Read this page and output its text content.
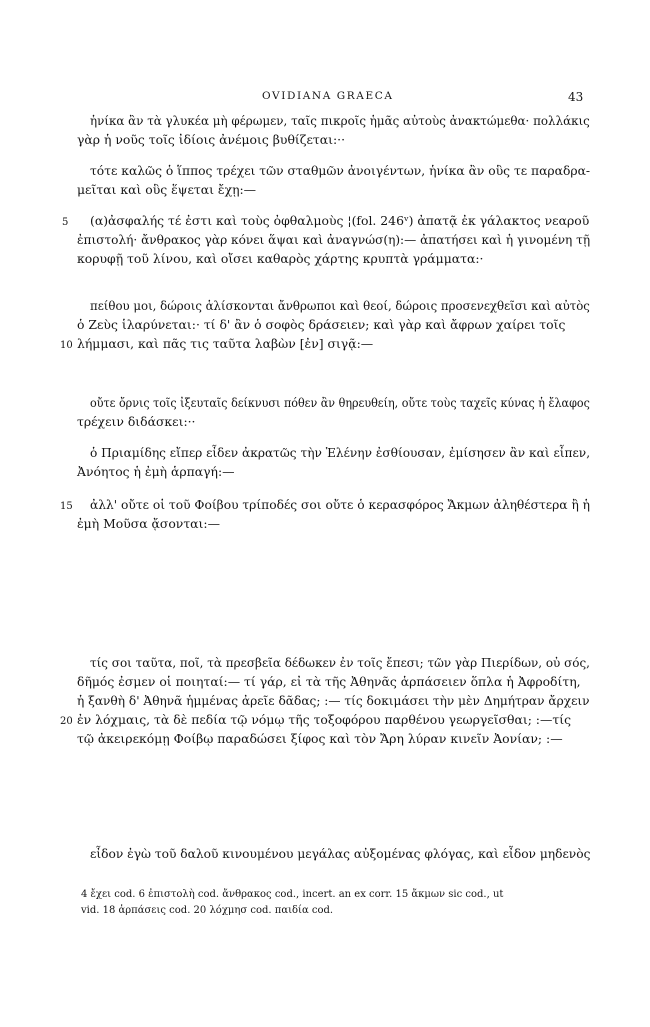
OVIDIANA GRAECA	43
ἡνίκα ἂν τὰ γλυκέα μὴ φέρωμεν, ταῖς πικροῖς ἡμᾶς αὐτοὺς ἀνακτώμεθα· πολλάκις
γὰρ ἡ νοῦς τοῖς ἰδίοις ἀνέμοις βυθίζεται:··
τότε καλῶς ὁ ἵππος τρέχει τῶν σταθμῶν ἀνοιγέντων, ἡνίκα ἂν οὓς τε παραδρα-
μεῖται καὶ οὓς ἕψεται ἔχῃ:—
5 (α)ἀσφαλής τέ ἐστι καὶ τοὺς ὀφθαλμοὺς ¦(fol. 246ᵛ) ἀπατᾷ ἐκ γάλακτος νεαροῦ
ἐπιστολή· ἄνθρακος γὰρ κόνει ἅψαι καὶ ἀναγνώσ(η):— ἀπατήσει καὶ ἡ γινομένη τῇ
κορυφῇ τοῦ λίνου, καὶ οἴσει καθαρὸς χάρτης κρυπτὰ γράμματα:·
πείθου μοι, δώροις ἁλίσκονται ἄνθρωποι καὶ θεοί, δώροις προσενεχθεῖσι καὶ αὐτὸς
ὁ Ζεὺς ἱλαρύνεται:· τί δ' ἂν ὁ σοφὸς δράσειεν; καὶ γὰρ καὶ ἄφρων χαίρει τοῖς
10 λήμμασι, καὶ πᾶς τις ταῦτα λαβὼν [ἐν] σιγᾷ:—
οὔτε ὄρνις τοῖς ἰξευταῖς δείκνυσι πόθεν ἂν θηρευθείη, οὔτε τοὺς ταχεῖς κύνας ἡ ἔλαφος
τρέχειν διδάσκει:··
ὁ Πριαμίδης εἴπερ εἶδεν ἀκρατῶς τὴν Ἑλένην ἐσθίουσαν, ἐμίσησεν ἂν καὶ εἶπεν,
Ἀνόητος ἡ ἐμὴ ἁρπαγή:—
15 ἀλλ' οὔτε οἱ τοῦ Φοίβου τρίποδές σοι οὔτε ὁ κερασφόρος Ἄκμων ἀληθέστερα ἢ ἡ
ἐμὴ Μοῦσα ᾄσονται:—
τίς σοι ταῦτα, ποῖ, τὰ πρεσβεῖα δέδωκεν ἐν τοῖς ἔπεσι; τῶν γὰρ Πιερίδων, οὐ σός,
δῆμός ἐσμεν οἱ ποιηταί:— τί γάρ, εἰ τὰ τῆς Ἀθηνᾶς ἁρπάσειεν ὅπλα ἡ Ἀφροδίτη,
ἡ ξανθὴ δ' Ἀθηνᾶ ἡμμένας ἀρεῖε δᾶδας; :— τίς δοκιμάσει τὴν μὲν Δημήτραν ἄρχειν
20 ἐν λόχμαις, τὰ δὲ πεδία τῷ νόμῳ τῆς τοξοφόρου παρθένου γεωργεῖσθαι; :—τίς
τῷ ἀκειρεκόμῃ Φοίβῳ παραδώσει ξίφος καὶ τὸν Ἄρη λύραν κινεῖν Ἀονίαν; :—
εἶδον ἐγὼ τοῦ δαλοῦ κινουμένου μεγάλας αὐξομένας φλόγας, καὶ εἶδον μηδενὸς
4 ἔχει cod. 6 ἐπιστολὴ cod. ἄνθρακος cod., incert. an ex corr. 15 ἄκμων sic cod., ut
vid. 18 ἁρπάσεις cod. 20 λόχμησ cod. παιδία cod.
